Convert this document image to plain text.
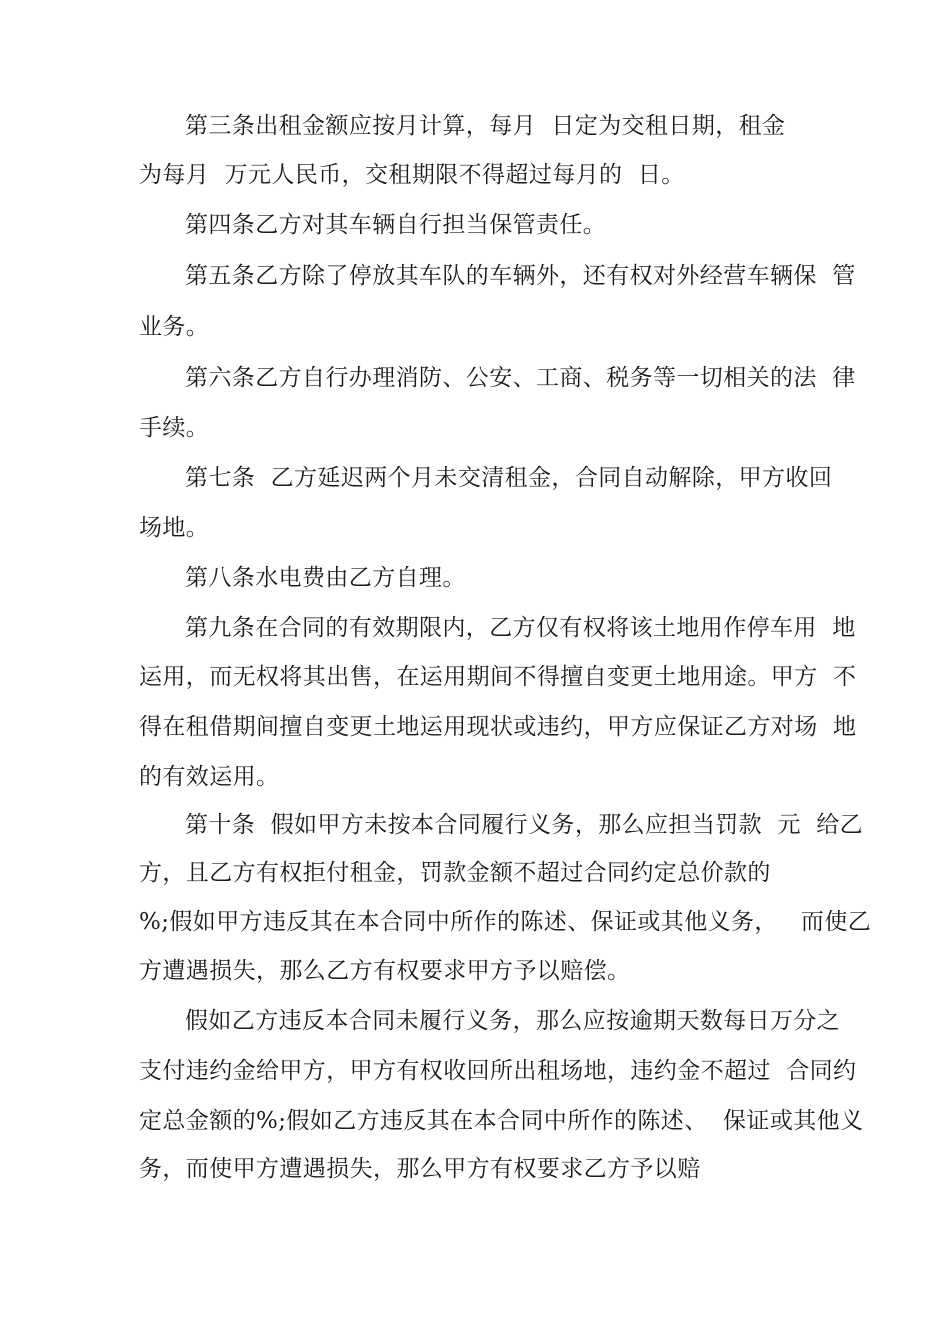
第三条出租金额应按月计算，每月  日定为交租日期，租金
为每月  万元人民币，交租期限不得超过每月的  日。
第四条乙方对其车辆自行担当保管责任。
第五条乙方除了停放其车队的车辆外，还有权对外经营车辆保  管
业务。
第六条乙方自行办理消防、公安、工商、税务等一切相关的法  律
手续。
第七条  乙方延迟两个月未交清租金，合同自动解除，甲方收回
场地。
第八条水电费由乙方自理。
第九条在合同的有效期限内，乙方仅有权将该土地用作停车用  地
运用，而无权将其出售，在运用期间不得擅自变更土地用途。甲方  不
得在租借期间擅自变更土地运用现状或违约，甲方应保证乙方对场  地
的有效运用。
第十条  假如甲方未按本合同履行义务，那么应担当罚款  元  给乙
方，且乙方有权拒付租金，罚款金额不超过合同约定总价款的
%;假如甲方违反其在本合同中所作的陈述、保证或其他义务，   而使乙
方遭遇损失，那么乙方有权要求甲方予以赔偿。
假如乙方违反本合同未履行义务，那么应按逾期天数每日万分之
支付违约金给甲方，甲方有权收回所出租场地，违约金不超过  合同约
定总金额的%;假如乙方违反其在本合同中所作的陈述、  保证或其他义
务，而使甲方遭遇损失，那么甲方有权要求乙方予以赔
